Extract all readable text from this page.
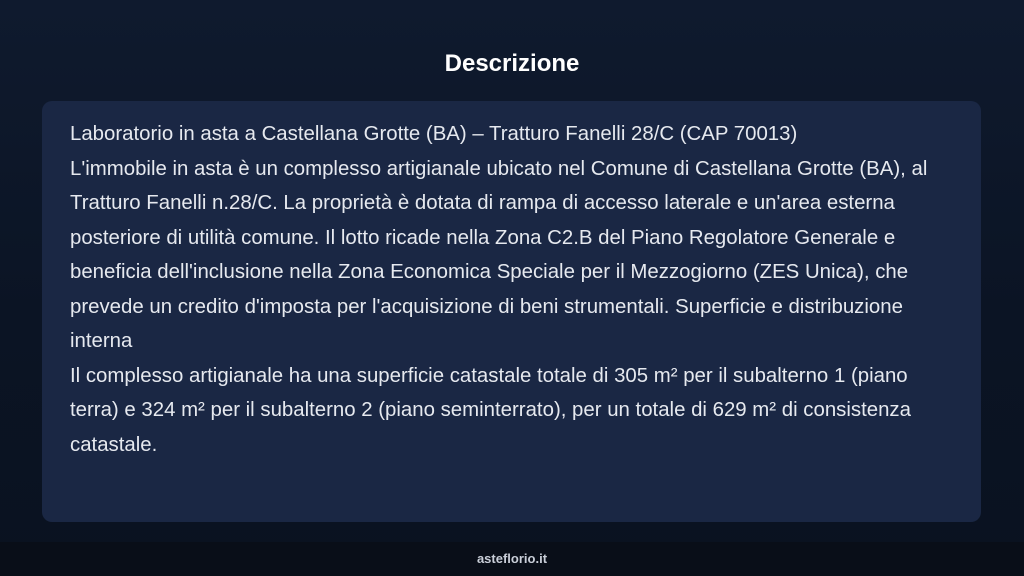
Descrizione

Laboratorio in asta a Castellana Grotte (BA) – Tratturo Fanelli 28/C (CAP 70013)
L'immobile in asta è un complesso artigianale ubicato nel Comune di Castellana Grotte (BA), al Tratturo Fanelli n.28/C. La proprietà è dotata di rampa di accesso laterale e un'area esterna posteriore di utilità comune. Il lotto ricade nella Zona C2.B del Piano Regolatore Generale e beneficia dell'inclusione nella Zona Economica Speciale per il Mezzogiorno (ZES Unica), che prevede un credito d'imposta per l'acquisizione di beni strumentali. Superficie e distribuzione interna
Il complesso artigianale ha una superficie catastale totale di 305 m² per il subalterno 1 (piano terra) e 324 m² per il subalterno 2 (piano seminterrato), per un totale di 629 m² di consistenza catastale.

asteflorio.it
